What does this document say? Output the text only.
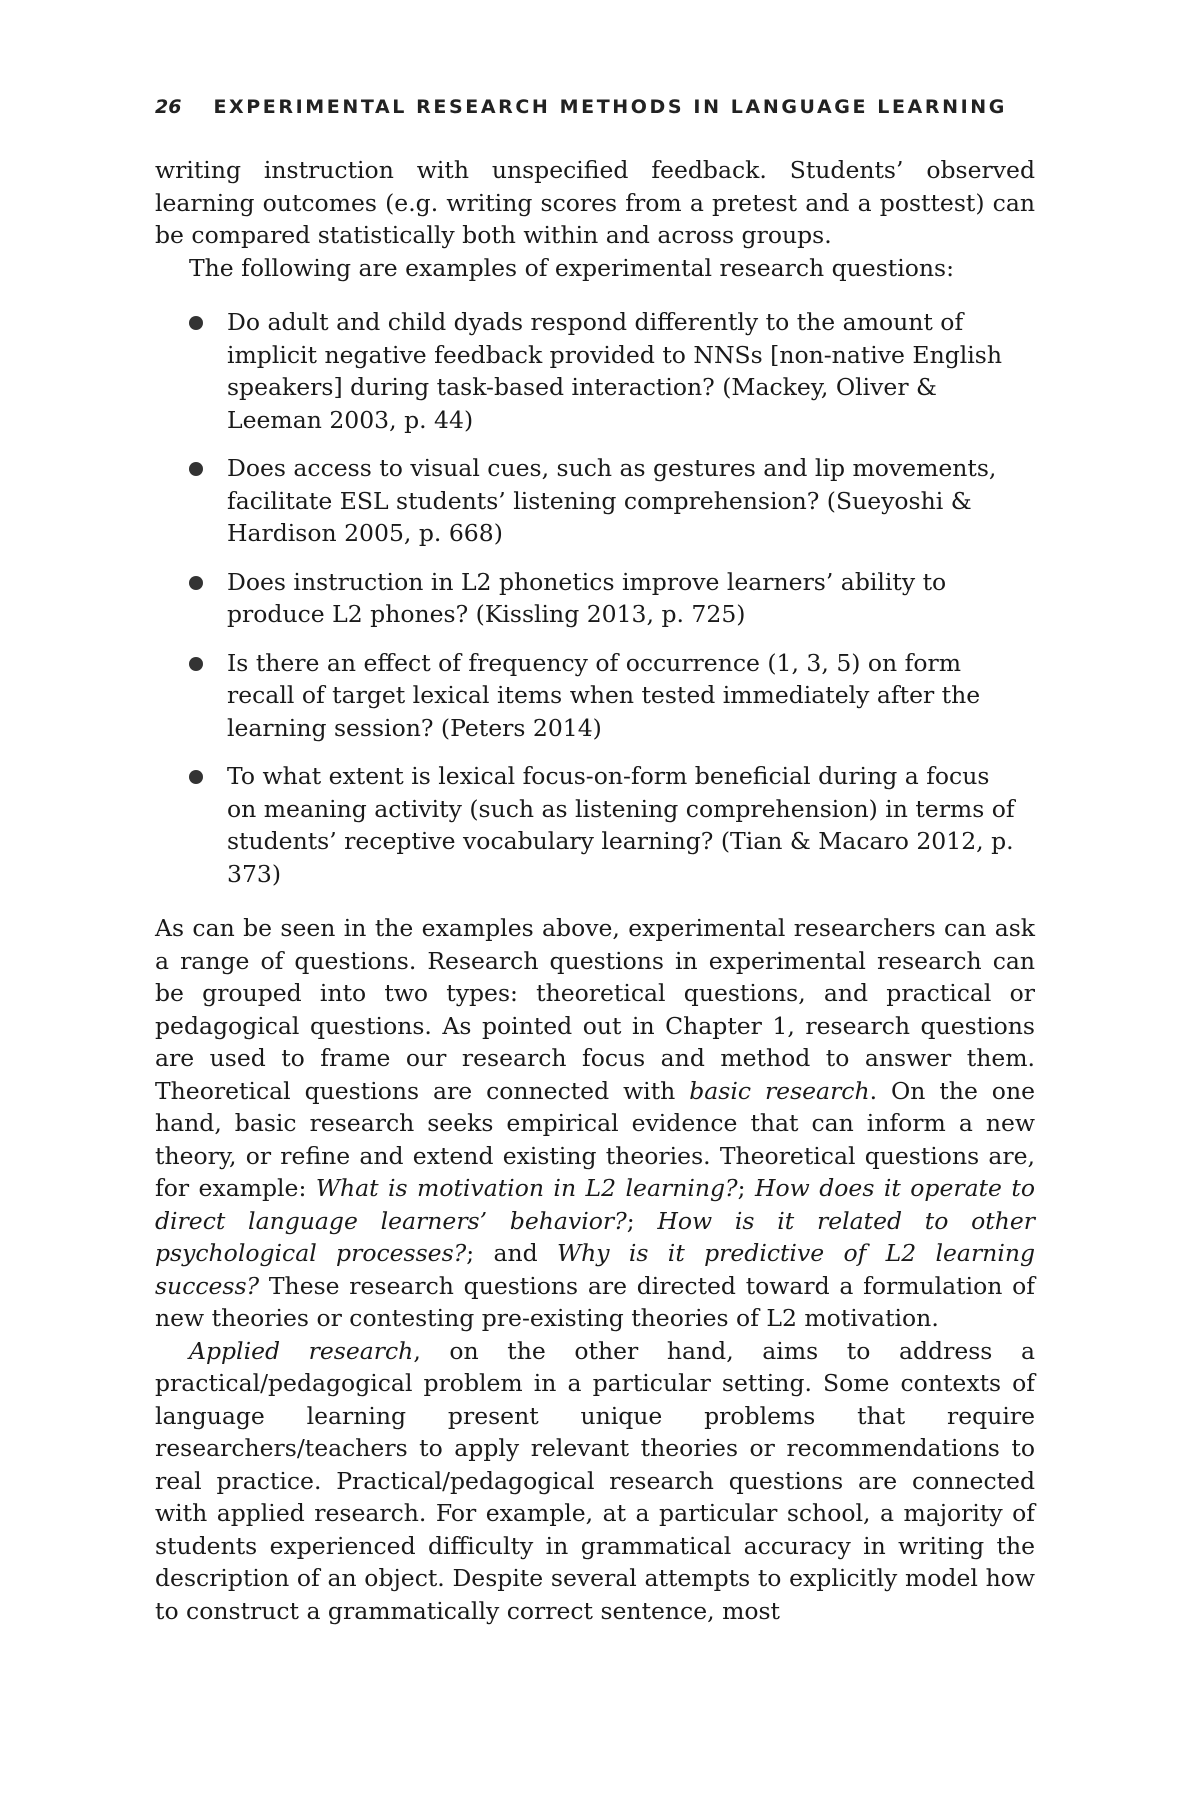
26 EXPERIMENTAL RESEARCH METHODS IN LANGUAGE LEARNING

writing instruction with unspecified feedback. Students’ observed learning outcomes (e.g. writing scores from a pretest and a posttest) can be compared statistically both within and across groups.

The following are examples of experimental research questions:

Do adult and child dyads respond differently to the amount of implicit negative feedback provided to NNSs [non-native English speakers] during task-based interaction? (Mackey, Oliver & Leeman 2003, p. 44)
Does access to visual cues, such as gestures and lip movements, facilitate ESL students’ listening comprehension? (Sueyoshi & Hardison 2005, p. 668)
Does instruction in L2 phonetics improve learners’ ability to produce L2 phones? (Kissling 2013, p. 725)
Is there an effect of frequency of occurrence (1, 3, 5) on form recall of target lexical items when tested immediately after the learning session? (Peters 2014)
To what extent is lexical focus-on-form beneficial during a focus on meaning activity (such as listening comprehension) in terms of students’ receptive vocabulary learning? (Tian & Macaro 2012, p. 373)

As can be seen in the examples above, experimental researchers can ask a range of questions. Research questions in experimental research can be grouped into two types: theoretical questions, and practical or pedagogical questions. As pointed out in Chapter 1, research questions are used to frame our research focus and method to answer them. Theoretical questions are connected with basic research. On the one hand, basic research seeks empirical evidence that can inform a new theory, or refine and extend existing theories. Theoretical questions are, for example: What is motivation in L2 learning?; How does it operate to direct language learners’ behavior?; How is it related to other psychological processes?; and Why is it predictive of L2 learning success? These research questions are directed toward a formulation of new theories or contesting pre-existing theories of L2 motivation.

Applied research, on the other hand, aims to address a practical/pedagogical problem in a particular setting. Some contexts of language learning present unique problems that require researchers/teachers to apply relevant theories or recommendations to real practice. Practical/pedagogical research questions are connected with applied research. For example, at a particular school, a majority of students experienced difficulty in grammatical accuracy in writing the description of an object. Despite several attempts to explicitly model how to construct a grammatically correct sentence, most
